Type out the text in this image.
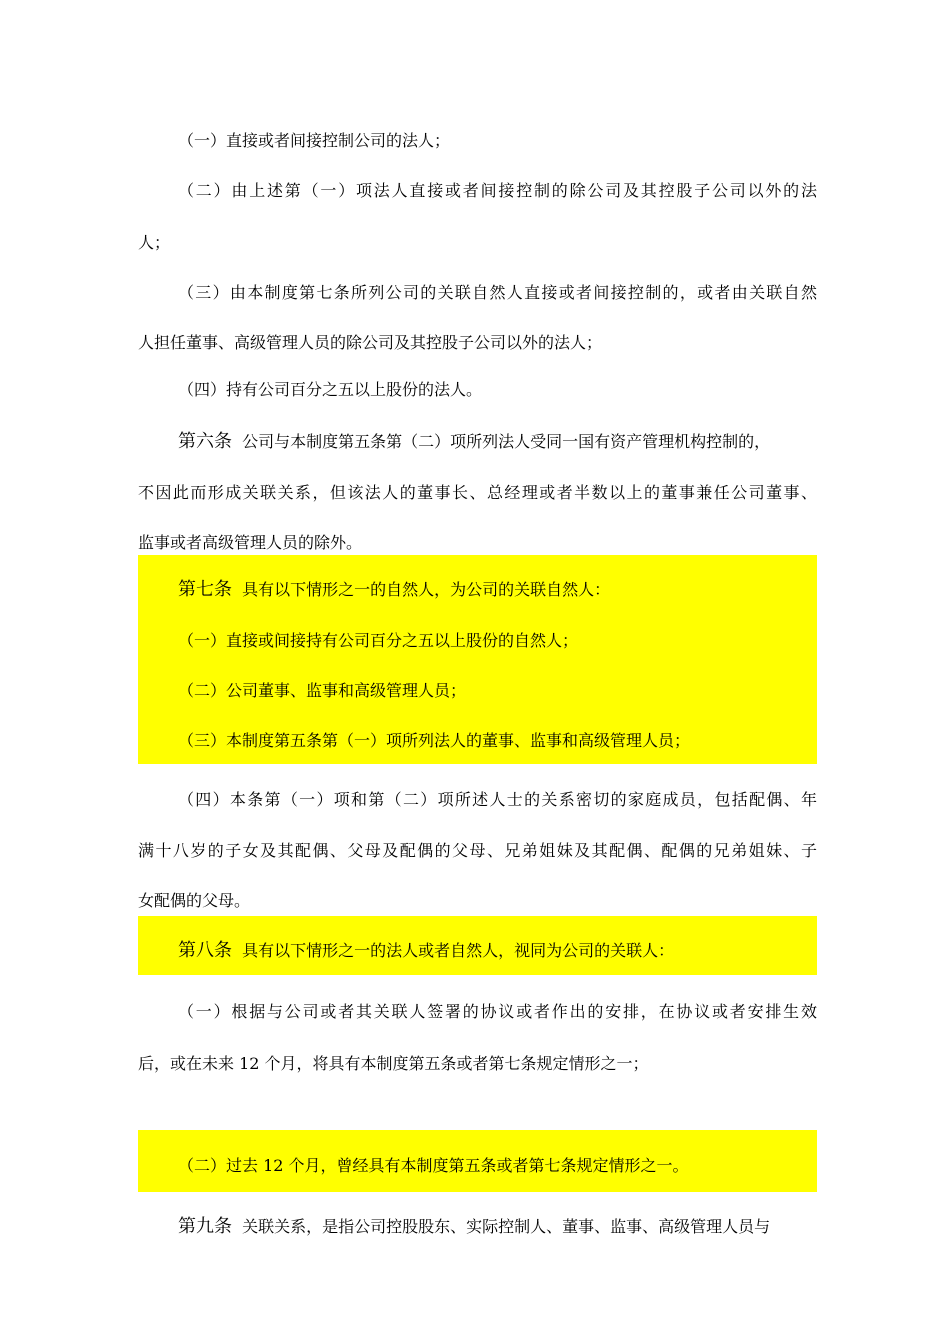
（一）直接或者间接控制公司的法人；
（二）由上述第（一）项法人直接或者间接控制的除公司及其控股子公司以外的法
人；
（三）由本制度第七条所列公司的关联自然人直接或者间接控制的，或者由关联自然
人担任董事、高级管理人员的除公司及其控股子公司以外的法人；
（四）持有公司百分之五以上股份的法人。
第六条 公司与本制度第五条第（二）项所列法人受同一国有资产管理机构控制的，
不因此而形成关联关系，但该法人的董事长、总经理或者半数以上的董事兼任公司董事、
监事或者高级管理人员的除外。
第七条 具有以下情形之一的自然人，为公司的关联自然人：
（一）直接或间接持有公司百分之五以上股份的自然人；
（二）公司董事、监事和高级管理人员；
（三）本制度第五条第（一）项所列法人的董事、监事和高级管理人员；
（四）本条第（一）项和第（二）项所述人士的关系密切的家庭成员，包括配偶、年
满十八岁的子女及其配偶、父母及配偶的父母、兄弟姐妹及其配偶、配偶的兄弟姐妹、子
女配偶的父母。
第八条 具有以下情形之一的法人或者自然人，视同为公司的关联人：
（一）根据与公司或者其关联人签署的协议或者作出的安排，在协议或者安排生效
后，或在未来 12 个月，将具有本制度第五条或者第七条规定情形之一；
（二）过去 12 个月，曾经具有本制度第五条或者第七条规定情形之一。
第九条 关联关系，是指公司控股股东、实际控制人、董事、监事、高级管理人员与
